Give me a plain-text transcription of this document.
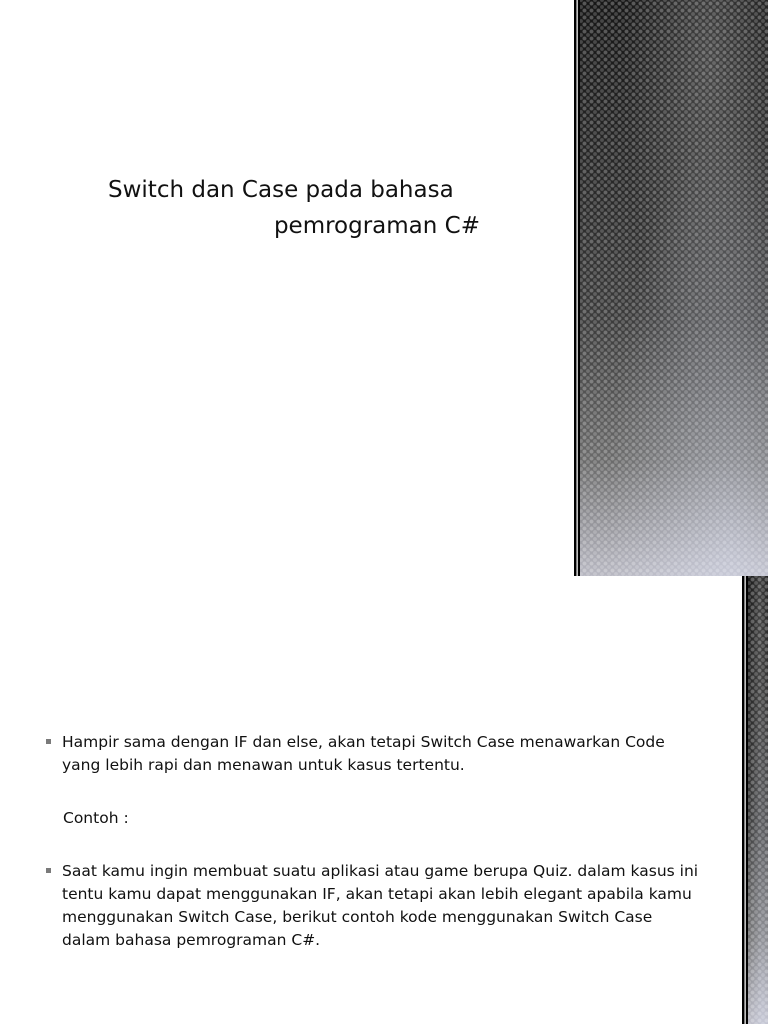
Switch dan Case pada bahasa
pemrograman C#
Hampir sama dengan IF dan else, akan tetapi Switch Case menawarkan Code yang lebih rapi dan menawan untuk kasus tertentu.
Contoh :
Saat kamu ingin membuat suatu aplikasi atau game berupa Quiz. dalam kasus ini tentu kamu dapat menggunakan IF, akan tetapi akan lebih elegant apabila kamu menggunakan Switch Case, berikut contoh kode menggunakan Switch Case dalam bahasa pemrograman C#.
